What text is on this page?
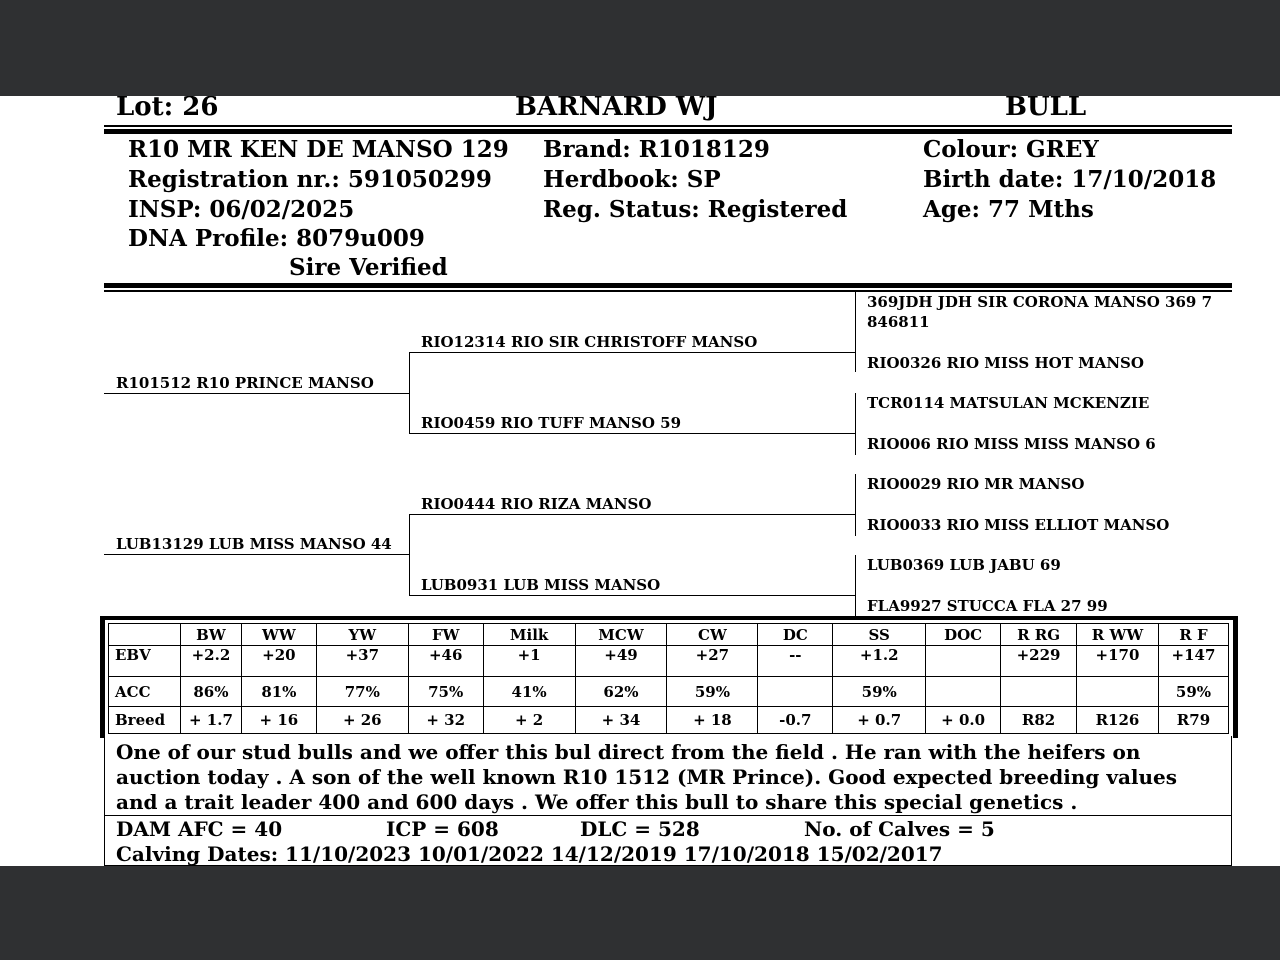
Lot: 26	BARNARD WJ	BULL
R10 MR KEN DE MANSO 129
Registration nr.: 591050299
INSP: 06/02/2025
DNA Profile: 8079u009
Sire Verified
Brand: R1018129
Herdbook: SP
Reg. Status: Registered
Colour: GREY
Birth date: 17/10/2018
Age: 77 Mths
R101512 R10 PRINCE MANSO
LUB13129 LUB MISS MANSO 44
RIO12314 RIO SIR CHRISTOFF MANSO
RIO0459 RIO TUFF MANSO 59
RIO0444 RIO RIZA MANSO
LUB0931 LUB MISS MANSO
369JDH JDH SIR CORONA MANSO 369 7
846811
RIO0326 RIO MISS HOT MANSO
TCR0114 MATSULAN MCKENZIE
RIO006 RIO MISS MISS MANSO 6
RIO0029 RIO MR MANSO
RIO0033 RIO MISS ELLIOT MANSO
LUB0369 LUB JABU 69
FLA9927 STUCCA FLA 27 99
	BW	WW	YW	FW	Milk	MCW	CW	DC	SS	DOC	R RG	R WW	R F
EBV	+2.2	+20	+37	+46	+1	+49	+27	--	+1.2		+229	+170	+147
ACC	86%	81%	77%	75%	41%	62%	59%		59%				59%
Breed	+ 1.7	+ 16	+ 26	+ 32	+ 2	+ 34	+ 18	-0.7	+ 0.7	+ 0.0	R82	R126	R79
One of our stud bulls and we offer this bul direct from the field . He ran with the heifers on auction today . A son of the well known R10 1512 (MR Prince). Good expected breeding values and a trait leader 400 and 600 days . We offer this bull to share this special genetics .
DAM AFC = 40	ICP = 608	DLC = 528	No. of Calves = 5
Calving Dates: 11/10/2023 10/01/2022 14/12/2019 17/10/2018 15/02/2017
